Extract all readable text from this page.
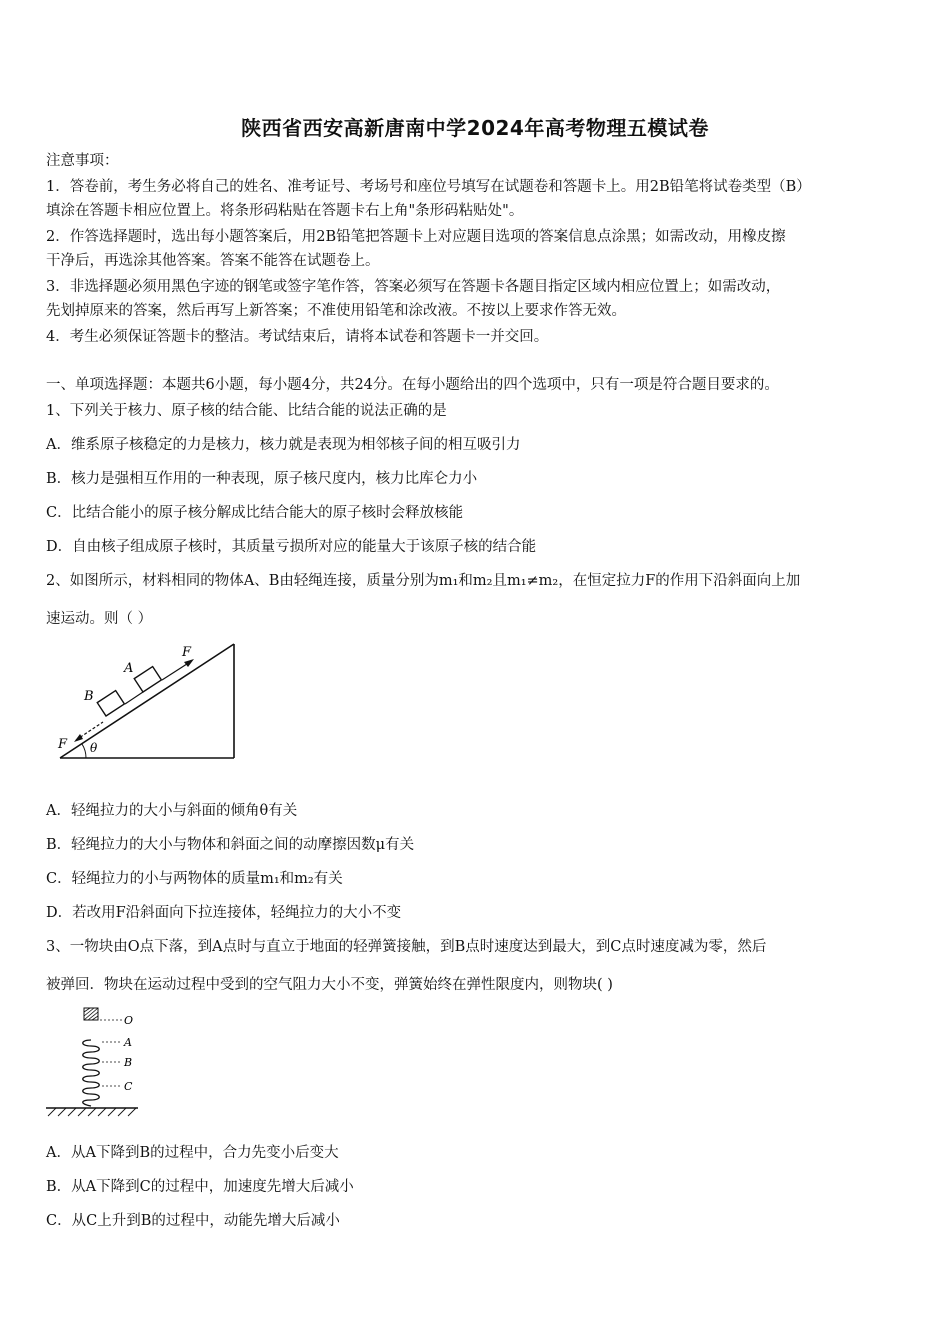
陕西省西安高新唐南中学2024年高考物理五模试卷
注意事项：
1．答卷前，考生务必将自己的姓名、准考证号、考场号和座位号填写在试题卷和答题卡上。用2B铅笔将试卷类型（B）
填涂在答题卡相应位置上。将条形码粘贴在答题卡右上角"条形码粘贴处"。
2．作答选择题时，选出每小题答案后，用2B铅笔把答题卡上对应题目选项的答案信息点涂黑；如需改动，用橡皮擦
干净后，再选涂其他答案。答案不能答在试题卷上。
3．非选择题必须用黑色字迹的钢笔或签字笔作答，答案必须写在答题卡各题目指定区域内相应位置上；如需改动，
先划掉原来的答案，然后再写上新答案；不准使用铅笔和涂改液。不按以上要求作答无效。
4．考生必须保证答题卡的整洁。考试结束后，请将本试卷和答题卡一并交回。
一、单项选择题：本题共6小题，每小题4分，共24分。在每小题给出的四个选项中，只有一项是符合题目要求的。
1、下列关于核力、原子核的结合能、比结合能的说法正确的是
A．维系原子核稳定的力是核力，核力就是表现为相邻核子间的相互吸引力
B．核力是强相互作用的一种表现，原子核尺度内，核力比库仑力小
C．比结合能小的原子核分解成比结合能大的原子核时会释放核能
D．自由核子组成原子核时，其质量亏损所对应的能量大于该原子核的结合能
2、如图所示，材料相同的物体A、B由轻绳连接，质量分别为m₁和m₂且m₁≠m₂，在恒定拉力F的作用下沿斜面向上加
速运动。则（ ）
A
B
F
F θ
A．轻绳拉力的大小与斜面的倾角θ有关
B．轻绳拉力的大小与物体和斜面之间的动摩擦因数μ有关
C．轻绳拉力的小与两物体的质量m₁和m₂有关
D．若改用F沿斜面向下拉连接体，轻绳拉力的大小不变
3、一物块由O点下落，到A点时与直立于地面的轻弹簧接触，到B点时速度达到最大，到C点时速度减为零，然后
被弹回．物块在运动过程中受到的空气阻力大小不变，弹簧始终在弹性限度内，则物块( )
O
A
B
C
A．从A下降到B的过程中，合力先变小后变大
B．从A下降到C的过程中，加速度先增大后减小
C．从C上升到B的过程中，动能先增大后减小
